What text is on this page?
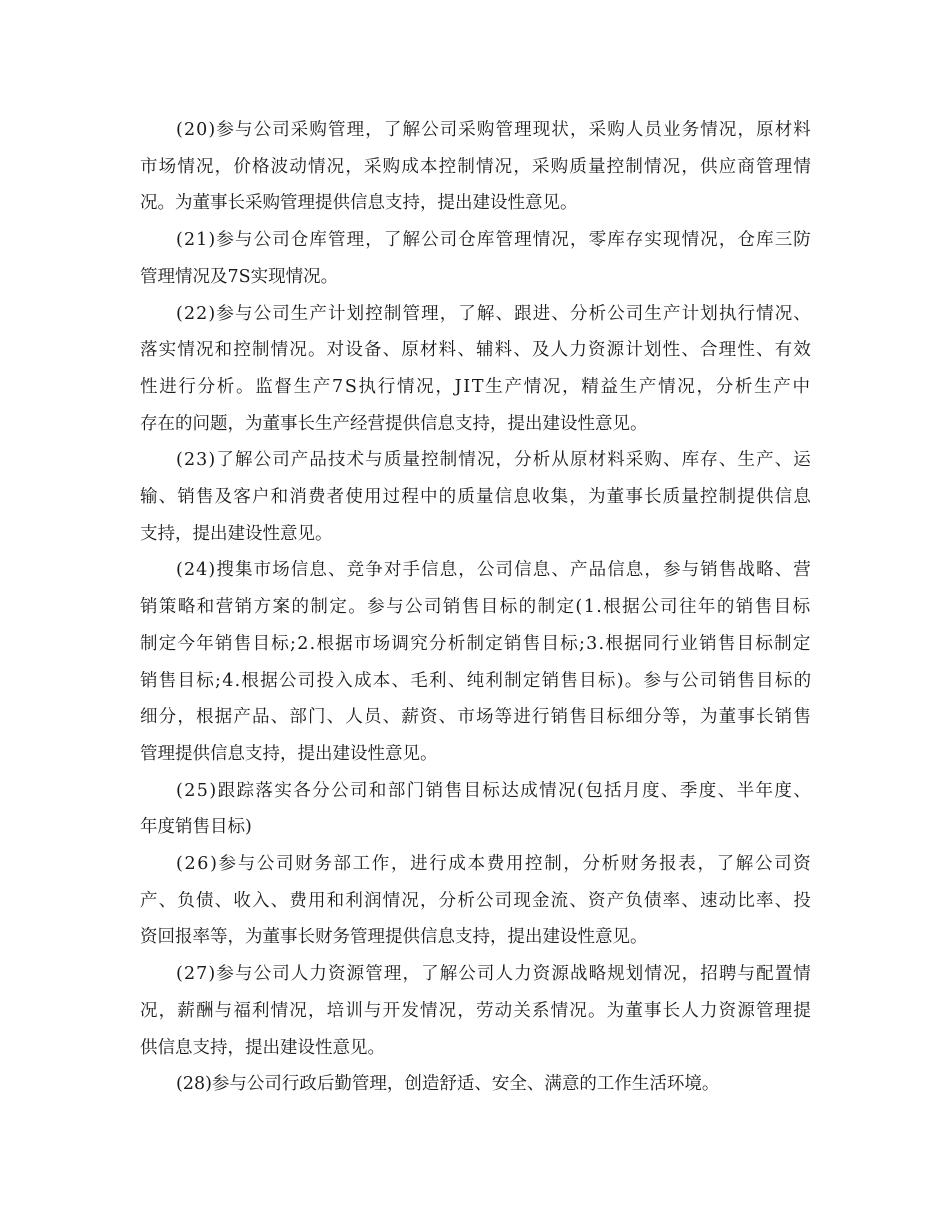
(20)参与公司采购管理，了解公司采购管理现状，采购人员业务情况，原材料
市场情况，价格波动情况，采购成本控制情况，采购质量控制情况，供应商管理情
况。为董事长采购管理提供信息支持，提出建设性意见。
(21)参与公司仓库管理，了解公司仓库管理情况，零库存实现情况，仓库三防
管理情况及7S实现情况。
(22)参与公司生产计划控制管理，了解、跟进、分析公司生产计划执行情况、
落实情况和控制情况。对设备、原材料、辅料、及人力资源计划性、合理性、有效
性进行分析。监督生产7S执行情况，JIT生产情况，精益生产情况，分析生产中
存在的问题，为董事长生产经营提供信息支持，提出建设性意见。
(23)了解公司产品技术与质量控制情况，分析从原材料采购、库存、生产、运
输、销售及客户和消费者使用过程中的质量信息收集，为董事长质量控制提供信息
支持，提出建设性意见。
(24)搜集市场信息、竞争对手信息，公司信息、产品信息，参与销售战略、营
销策略和营销方案的制定。参与公司销售目标的制定(1.根据公司往年的销售目标
制定今年销售目标;2.根据市场调究分析制定销售目标;3.根据同行业销售目标制定
销售目标;4.根据公司投入成本、毛利、纯利制定销售目标)。参与公司销售目标的
细分，根据产品、部门、人员、薪资、市场等进行销售目标细分等，为董事长销售
管理提供信息支持，提出建设性意见。
(25)跟踪落实各分公司和部门销售目标达成情况(包括月度、季度、半年度、
年度销售目标)
(26)参与公司财务部工作，进行成本费用控制，分析财务报表，了解公司资
产、负债、收入、费用和利润情况，分析公司现金流、资产负债率、速动比率、投
资回报率等，为董事长财务管理提供信息支持，提出建设性意见。
(27)参与公司人力资源管理，了解公司人力资源战略规划情况，招聘与配置情
况，薪酬与福利情况，培训与开发情况，劳动关系情况。为董事长人力资源管理提
供信息支持，提出建设性意见。
(28)参与公司行政后勤管理，创造舒适、安全、满意的工作生活环境。
